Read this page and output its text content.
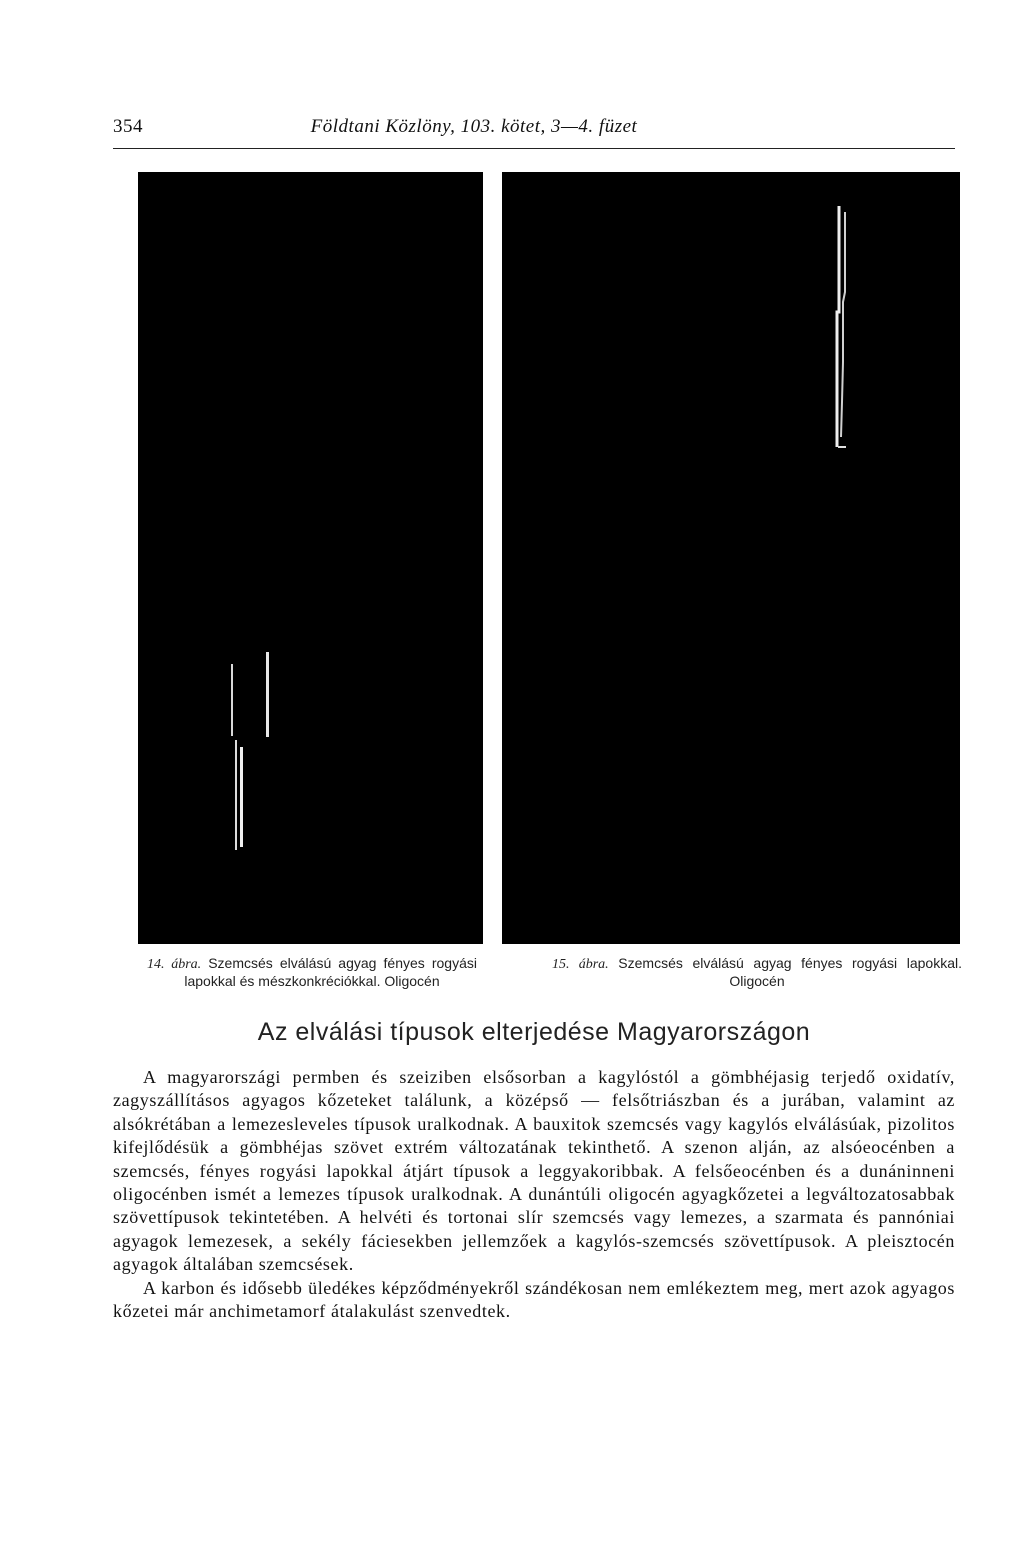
354	Földtani Közlöny, 103. kötet, 3—4. füzet
14. ábra. Szemcsés elválású agyag fényes rogyási lapokkal és mészkonkréciókkal. Oligocén
15. ábra. Szemcsés elválású agyag fényes rogyási lapokkal. Oligocén
Az elválási típusok elterjedése Magyarországon

A magyarországi permben és szeiziben elsősorban a kagylóstól a gömbhéjasig terjedő oxidatív, zagyszállításos agyagos kőzeteket találunk, a középső — felsőtriászban és a jurában, valamint az alsókrétában a lemezesleveles típusok uralkodnak. A bauxitok szemcsés vagy kagylós elválásúak, pizolitos kifejlődésük a gömbhéjas szövet extrém változatának tekinthető. A szenon alján, az alsóeocénben a szemcsés, fényes rogyási lapokkal átjárt típusok a leggyakoribbak. A felsőeocénben és a dunáninneni oligocénben ismét a lemezes típusok uralkodnak. A dunántúli oligocén agyagkőzetei a legváltozatosabbak szövettípusok tekintetében. A helvéti és tortonai slír szemcsés vagy lemezes, a szarmata és pannóniai agyagok lemezesek, a sekély fáciesekben jellemzőek a kagylós-szemcsés szövettípusok. A pleisztocén agyagok általában szemcsések.

A karbon és idősebb üledékes képződményekről szándékosan nem emlékeztem meg, mert azok agyagos kőzetei már anchimetamorf átalakulást szenvedtek.
